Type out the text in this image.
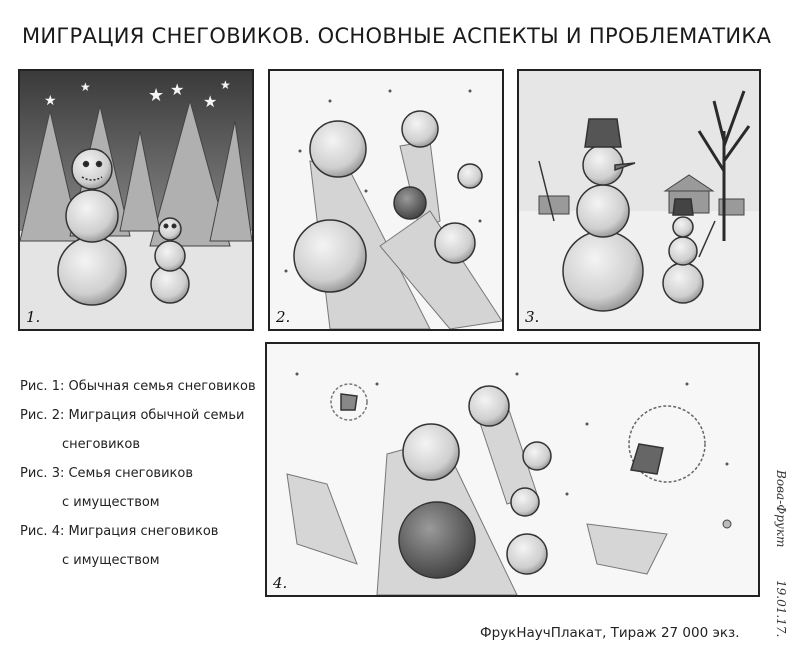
МИГРАЦИЯ СНЕГОВИКОВ. ОСНОВНЫЕ АСПЕКТЫ И ПРОБЛЕМАТИКА
★ ★
★
★
★	★
1.	2.	3.
4.
Рис. 1: Обычная семья снеговиков
Рис. 2: Миграция обычной семьи
снеговиков
Рис. 3: Семья снеговиков
с имуществом
Рис. 4: Миграция снеговиков
с имуществом
ФрукНаучПлакат, Тираж 27 000 экз.
Вова-Фрукт
19.01.17.
